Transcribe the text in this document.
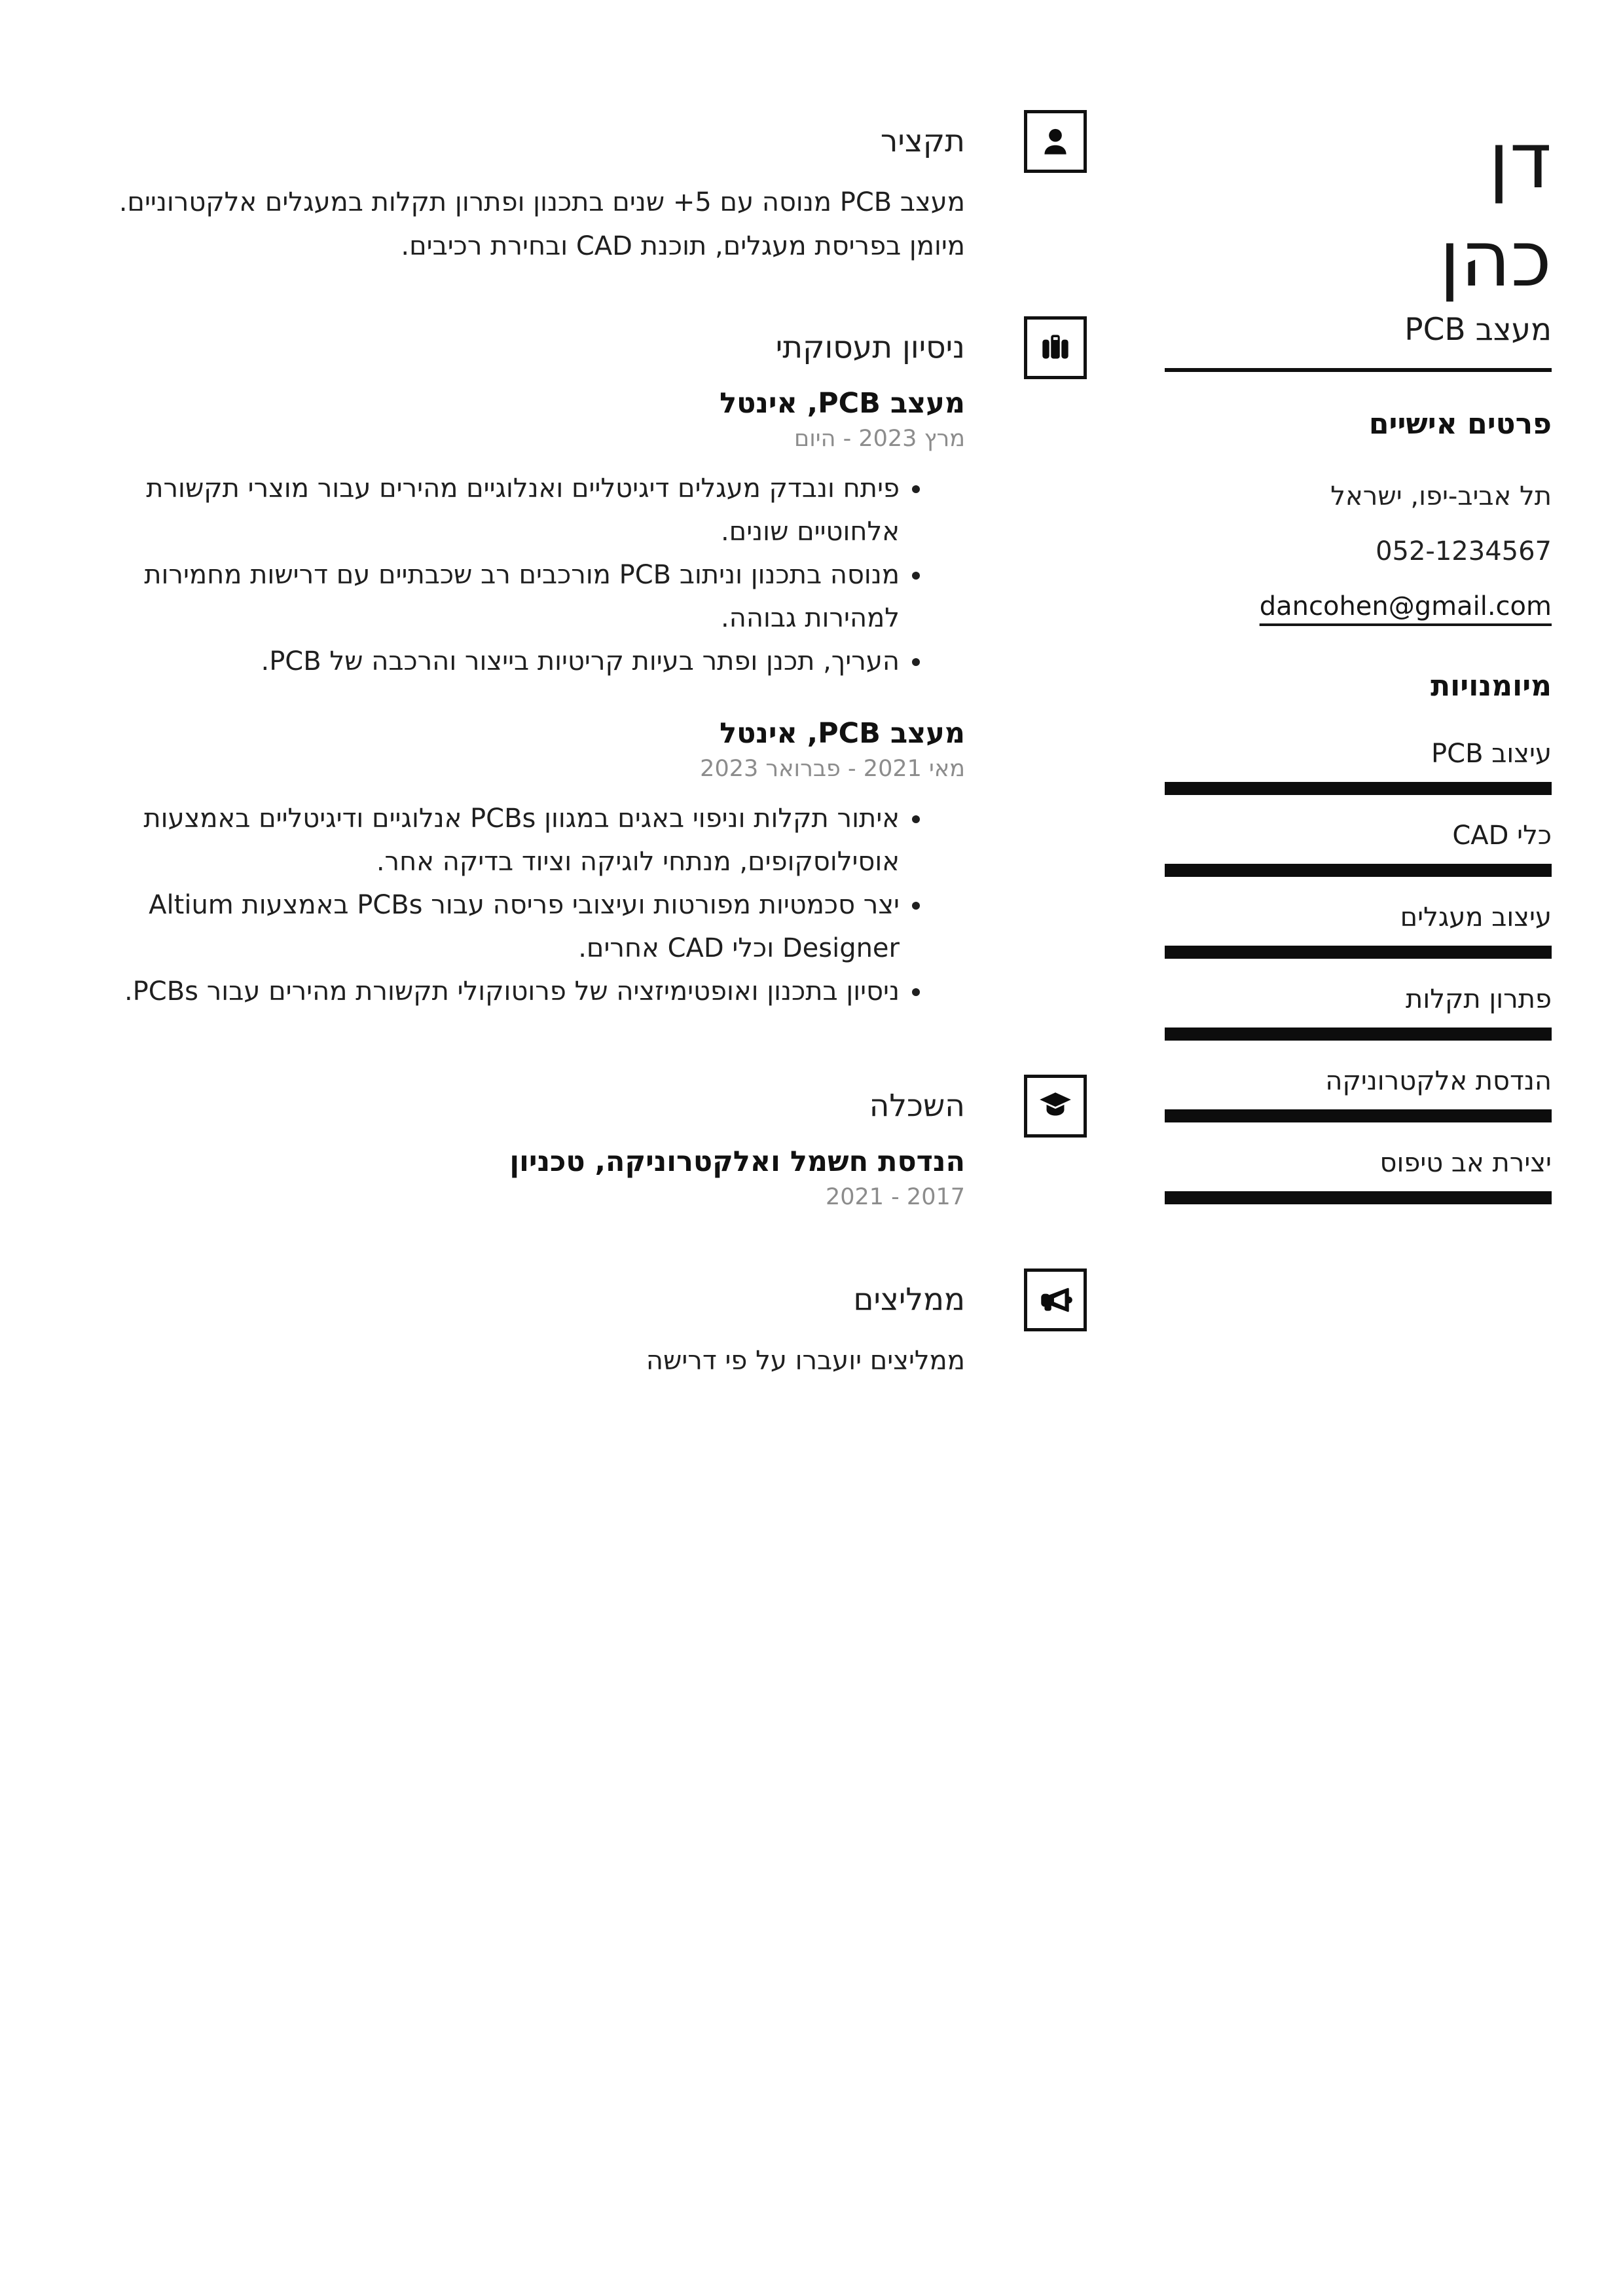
תקציר
מעצב PCB מנוסה עם 5+ שנים בתכנון ופתרון תקלות במעגלים אלקטרוניים. מיומן בפריסת מעגלים, תוכנת CAD ובחירת רכיבים.
ניסיון תעסוקתי
מעצב PCB, אינטל
מרץ 2023 - היום
• פיתח ונבדק מעגלים דיגיטליים ואנלוגיים מהירים עבור מוצרי תקשורת אלחוטיים שונים.
• מנוסה בתכנון וניתוב PCB מורכבים רב שכבתיים עם דרישות מחמירות למהירות גבוהה.
• העריך, תכנן ופתר בעיות קריטיות בייצור והרכבה של PCB.
מעצב PCB, אינטל
מאי 2021 - פברואר 2023
• איתור תקלות וניפוי באגים במגוון PCBs אנלוגיים ודיגיטליים באמצעות אוסילוסקופים, מנתחי לוגיקה וציוד בדיקה אחר.
• יצר סכמטיות מפורטות ועיצובי פריסה עבור PCBs באמצעות Altium Designer וכלי CAD אחרים.
• ניסיון בתכנון ואופטימיזציה של פרוטוקולי תקשורת מהירים עבור PCBs.
השכלה
הנדסת חשמל ואלקטרוניקה, טכניון
2017 - 2021
ממליצים
ממליצים יועברו על פי דרישה
דן
כהן
מעצב PCB
פרטים אישיים
תל אביב-יפו, ישראל
052-1234567
dancohen@gmail.com
מיומנויות
עיצוב PCB
כלי CAD
עיצוב מעגלים
פתרון תקלות
הנדסת אלקטרוניקה
יצירת אב טיפוס
